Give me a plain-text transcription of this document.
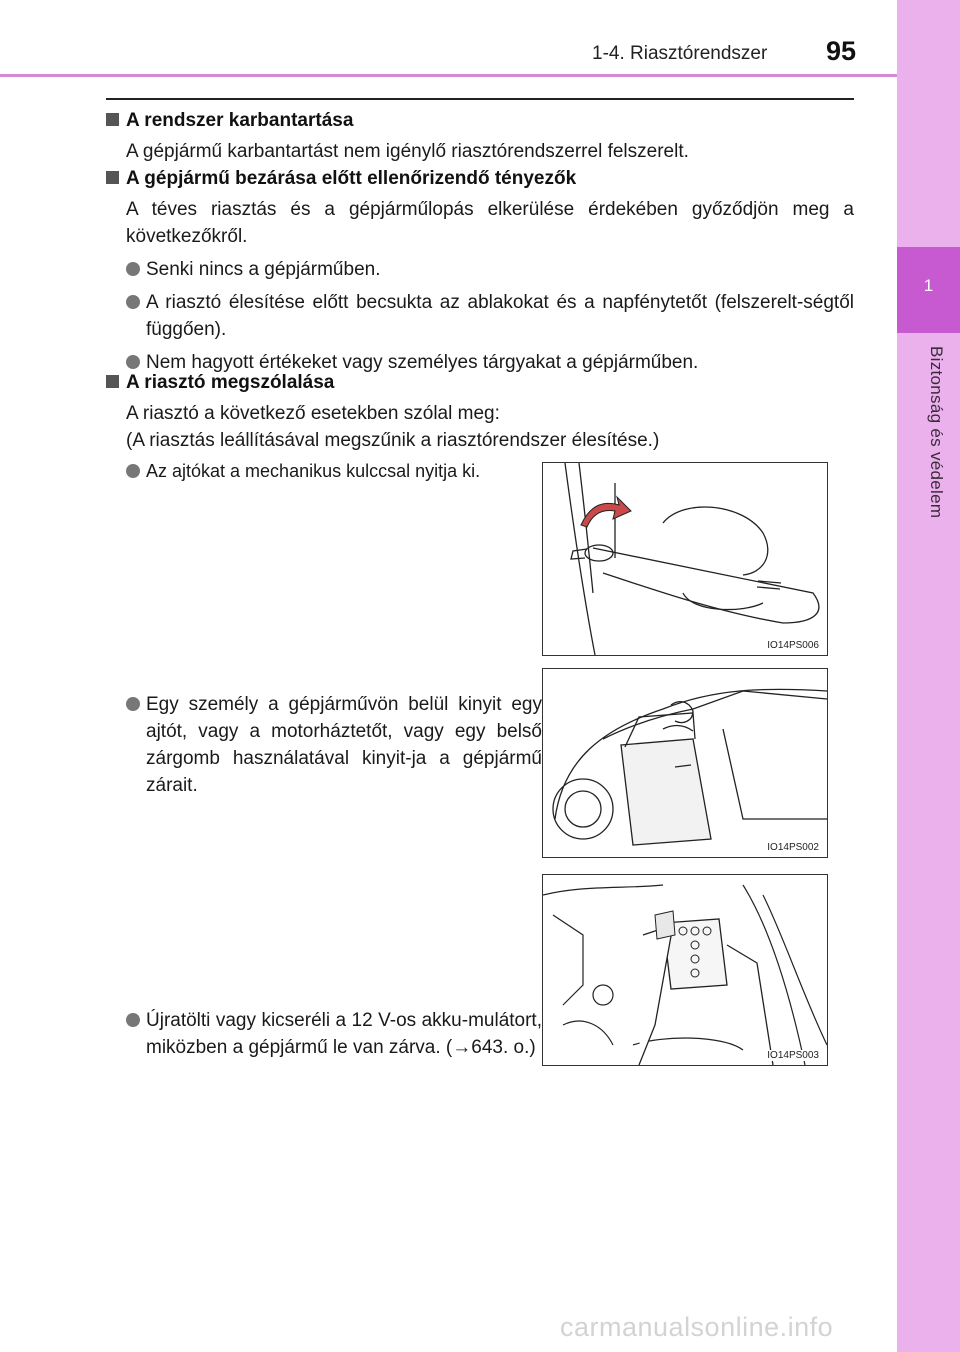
1-4. Riasztórendszer 95
1
Biztonság és védelem
A rendszer karbantartása
A gépjármű karbantartást nem igénylő riasztórendszerrel felszerelt.
A gépjármű bezárása előtt ellenőrizendő tényezők
A téves riasztás és a gépjárműlopás elkerülése érdekében győződjön meg a következőkről.
Senki nincs a gépjárműben.
A riasztó élesítése előtt becsukta az ablakokat és a napfénytetőt (felszerelt-ségtől függően).
Nem hagyott értékeket vagy személyes tárgyakat a gépjárműben.
A riasztó megszólalása
A riasztó a következő esetekben szólal meg:
(A riasztás leállításával megszűnik a riasztórendszer élesítése.)
Az ajtókat a mechanikus kulccsal nyitja ki.
Egy személy a gépjárművön belül kinyit egy ajtót, vagy a motorháztetőt, vagy egy belső zárgomb használatával kinyit-ja a gépjármű zárait.
Újratölti vagy kicseréli a 12 V-os akku-mulátort, miközben a gépjármű le van zárva. (→643. o.)
IO14PS006
IO14PS002
IO14PS003
carmanualsonline.info
